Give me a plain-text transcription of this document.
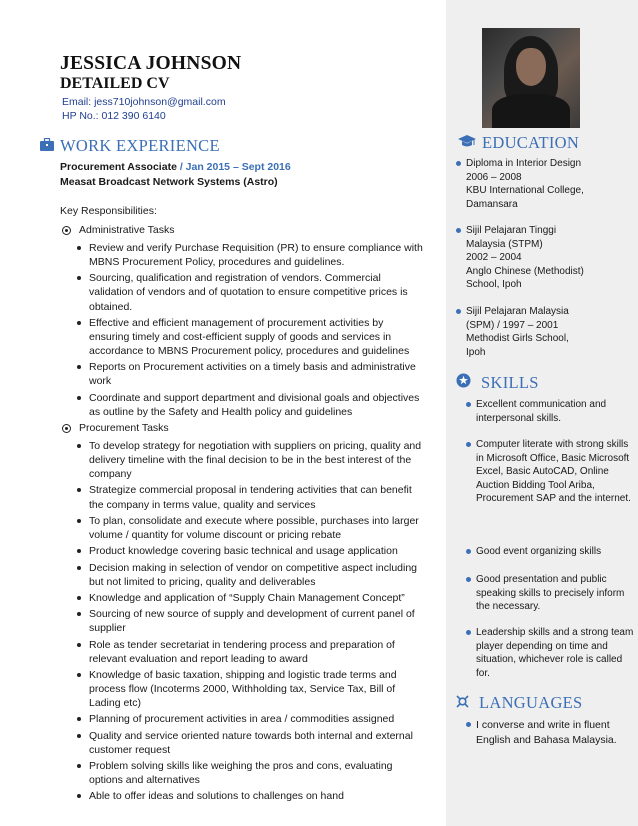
JESSICA JOHNSON
DETAILED CV
Email: jess710johnson@gmail.com
HP No.: 012 390 6140
WORK EXPERIENCE
Procurement Associate / Jan 2015 – Sept 2016
Measat Broadcast Network Systems (Astro)
Key Responsibilities:
Administrative Tasks
Review and verify Purchase Requisition (PR) to ensure compliance with MBNS Procurement Policy, procedures and guidelines.
Sourcing, qualification and registration of vendors. Commercial validation of vendors and of quotation to ensure competitive prices is obtained.
Effective and efficient management of procurement activities by ensuring timely and cost-efficient supply of goods and services in accordance to MBNS Procurement policy, procedures and guidelines
Reports on Procurement activities on a timely basis and administrative work
Coordinate and support department and divisional goals and objectives as outline by the Safety and Health policy and guidelines
Procurement Tasks
To develop strategy for negotiation with suppliers on pricing, quality and delivery timeline with the final decision to be in the best interest of the company
Strategize commercial proposal in tendering activities that can benefit the company in terms value, quality and services
To plan, consolidate and execute where possible, purchases into larger volume / quantity for volume discount or pricing rebate
Product knowledge covering basic technical and usage application
Decision making in selection of vendor on competitive aspect including but not limited to pricing, quality and deliverables
Knowledge and application of “Supply Chain Management Concept”
Sourcing of new source of supply and development of current panel of supplier
Role as tender secretariat in tendering process and preparation of relevant evaluation and report leading to award
Knowledge of basic taxation, shipping and logistic trade terms and process flow (Incoterms 2000, Withholding tax, Service Tax, Bill of Lading etc)
Planning of procurement activities in area / commodities assigned
Quality and service oriented nature towards both internal and external customer request
Problem solving skills like weighing the pros and cons, evaluating options and alternatives
Able to offer ideas and solutions to challenges on hand
EDUCATION
Diploma in Interior Design
2006 – 2008
KBU International College,
Damansara
Sijil Pelajaran Tinggi
Malaysia (STPM)
2002 – 2004
Anglo Chinese (Methodist)
School, Ipoh
Sijil Pelajaran Malaysia
(SPM) / 1997 – 2001
Methodist Girls School,
Ipoh
SKILLS
Excellent communication and interpersonal skills.
Computer literate with strong skills in Microsoft Office, Basic Microsoft Excel, Basic AutoCAD, Online Auction Bidding Tool Ariba, Procurement SAP and the internet.
Good event organizing skills
Good presentation and public speaking skills to precisely inform the necessary.
Leadership skills and a strong team player depending on time and situation, whichever role is called for.
LANGUAGES
I converse and write in fluent English and Bahasa Malaysia.
